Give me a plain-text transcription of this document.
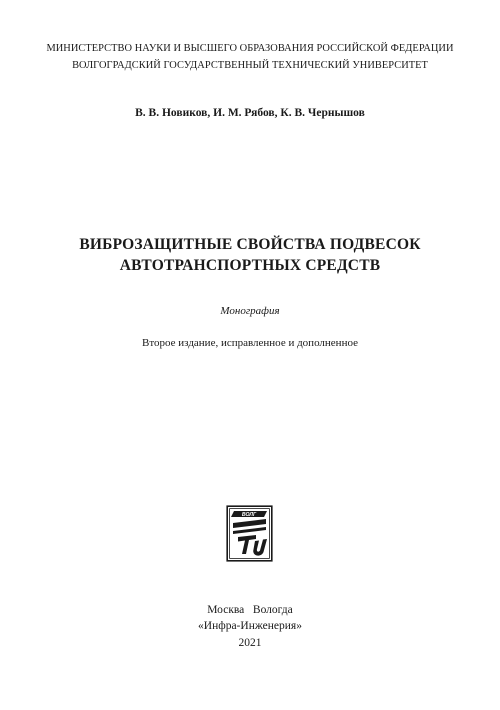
МИНИСТЕРСТВО НАУКИ И ВЫСШЕГО ОБРАЗОВАНИЯ РОССИЙСКОЙ ФЕДЕРАЦИИ
ВОЛГОГРАДСКИЙ ГОСУДАРСТВЕННЫЙ ТЕХНИЧЕСКИЙ УНИВЕРСИТЕТ
В. В. Новиков, И. М. Рябов, К. В. Чернышов
ВИБРОЗАЩИТНЫЕ СВОЙСТВА ПОДВЕСОК
АВТОТРАНСПОРТНЫХ СРЕДСТВ
Монография
Второе издание, исправленное и дополненное
ВОЛГ
Москва   Вологда
«Инфра-Инженерия»
2021
